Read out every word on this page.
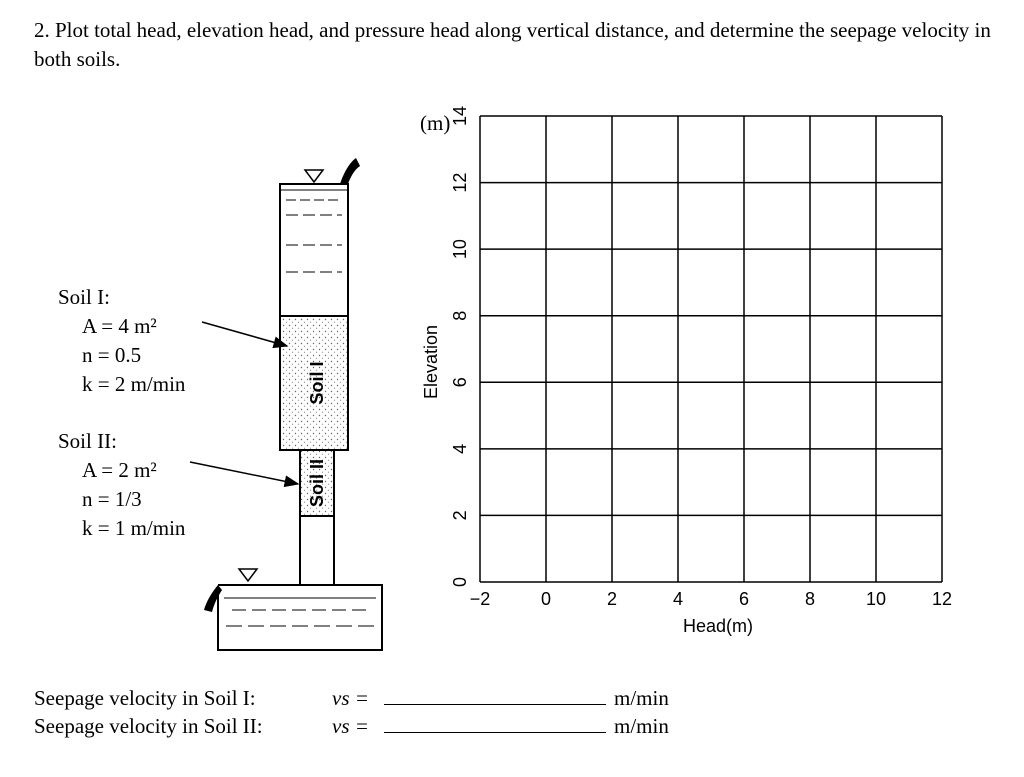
2. Plot total head, elevation head, and pressure head along vertical distance, and determine the seepage velocity in both soils.
Soil I:
A = 4 m²
n = 0.5
k = 2 m/min
Soil II:
A = 2 m²
n = 1/3
k = 1 m/min
Soil I
Soil II
−2	0	2	4	6	8	10	12
0
2
4
6
8
10
12
14
(m)
Elevation
Head(m)
Seepage velocity in Soil I:	vs =	m/min
Seepage velocity in Soil II:	vs =	m/min
